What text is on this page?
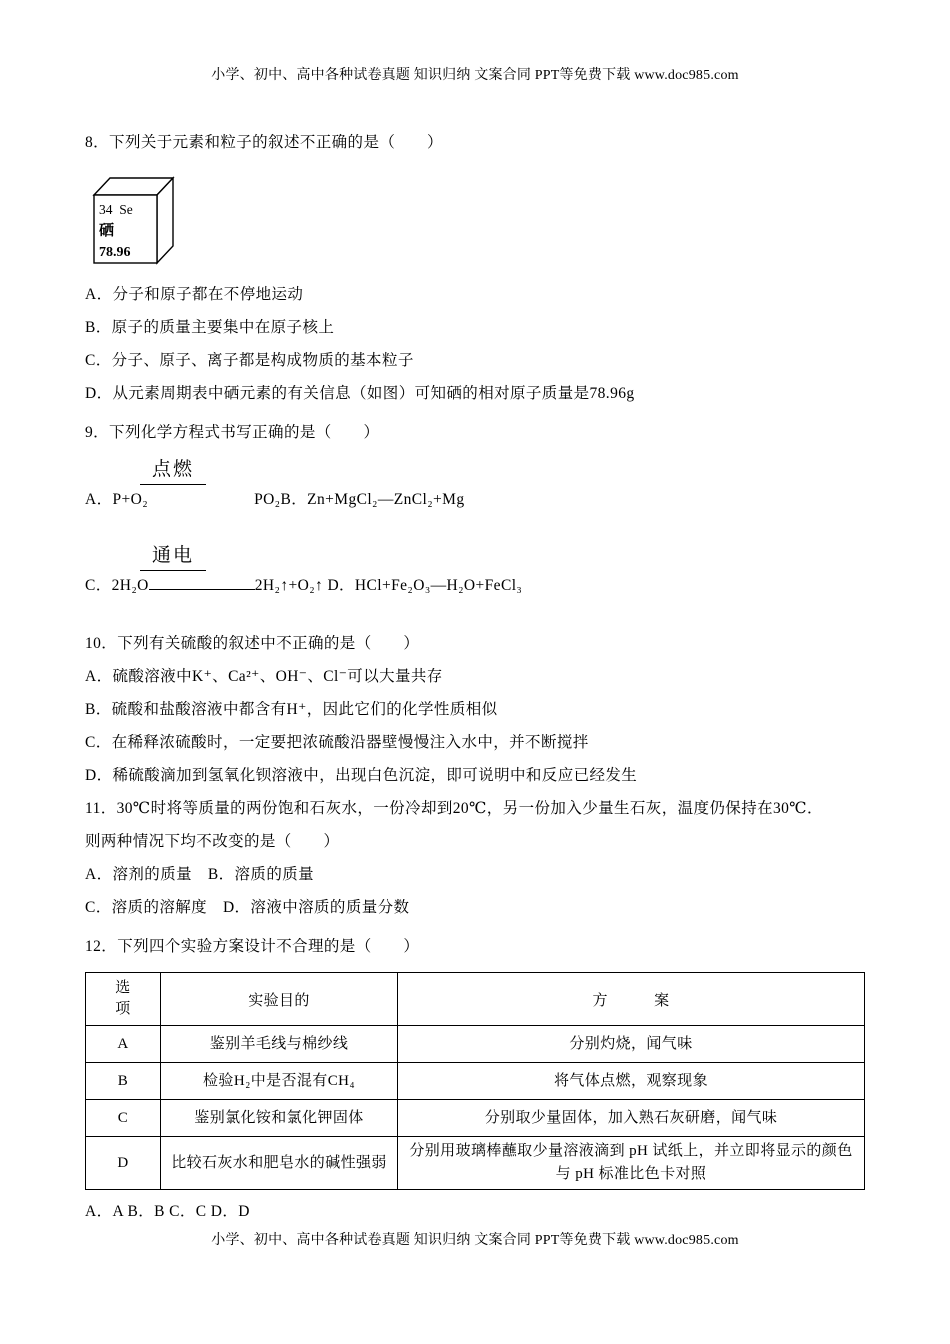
小学、初中、高中各种试卷真题 知识归纳 文案合同 PPT等免费下载 www.doc985.com
8．下列关于元素和粒子的叙述不正确的是（　　）
34  Se
硒
78.96
A．分子和原子都在不停地运动
B．原子的质量主要集中在原子核上
C．分子、原子、离子都是构成物质的基本粒子
D．从元素周期表中硒元素的有关信息（如图）可知硒的相对原子质量是78.96g
9．下列化学方程式书写正确的是（　　）
点燃
A．P+O₂	PO₂B．Zn+MgCl₂—ZnCl₂+Mg
通电
C．2H₂O	2H₂↑+O₂↑ D．HCl+Fe₂O₃—H₂O+FeCl₃
10．下列有关硫酸的叙述中不正确的是（　　）
A．硫酸溶液中K⁺、Ca²⁺、OH⁻、Cl⁻可以大量共存
B．硫酸和盐酸溶液中都含有H⁺，因此它们的化学性质相似
C．在稀释浓硫酸时，一定要把浓硫酸沿器壁慢慢注入水中，并不断搅拌
D．稀硫酸滴加到氢氧化钡溶液中，出现白色沉淀，即可说明中和反应已经发生
11．30℃时将等质量的两份饱和石灰水，一份冷却到20℃，另一份加入少量生石灰，温度仍保持在30℃．
则两种情况下均不改变的是（　　）
A．溶剂的质量　B．溶质的质量
C．溶质的溶解度　D．溶液中溶质的质量分数
12．下列四个实验方案设计不合理的是（　　）
选项	实验目的	方　　　案
A	鉴别羊毛线与棉纱线	分别灼烧，闻气味
B	检验H₂中是否混有CH₄	将气体点燃，观察现象
C	鉴别氯化铵和氯化钾固体	分别取少量固体，加入熟石灰研磨，闻气味
D	比较石灰水和肥皂水的碱性强弱	分别用玻璃棒蘸取少量溶液滴到 pH 试纸上，并立即将显示的颜色与 pH 标准比色卡对照
A．A B．B C．C D．D
小学、初中、高中各种试卷真题 知识归纳 文案合同 PPT等免费下载 www.doc985.com
